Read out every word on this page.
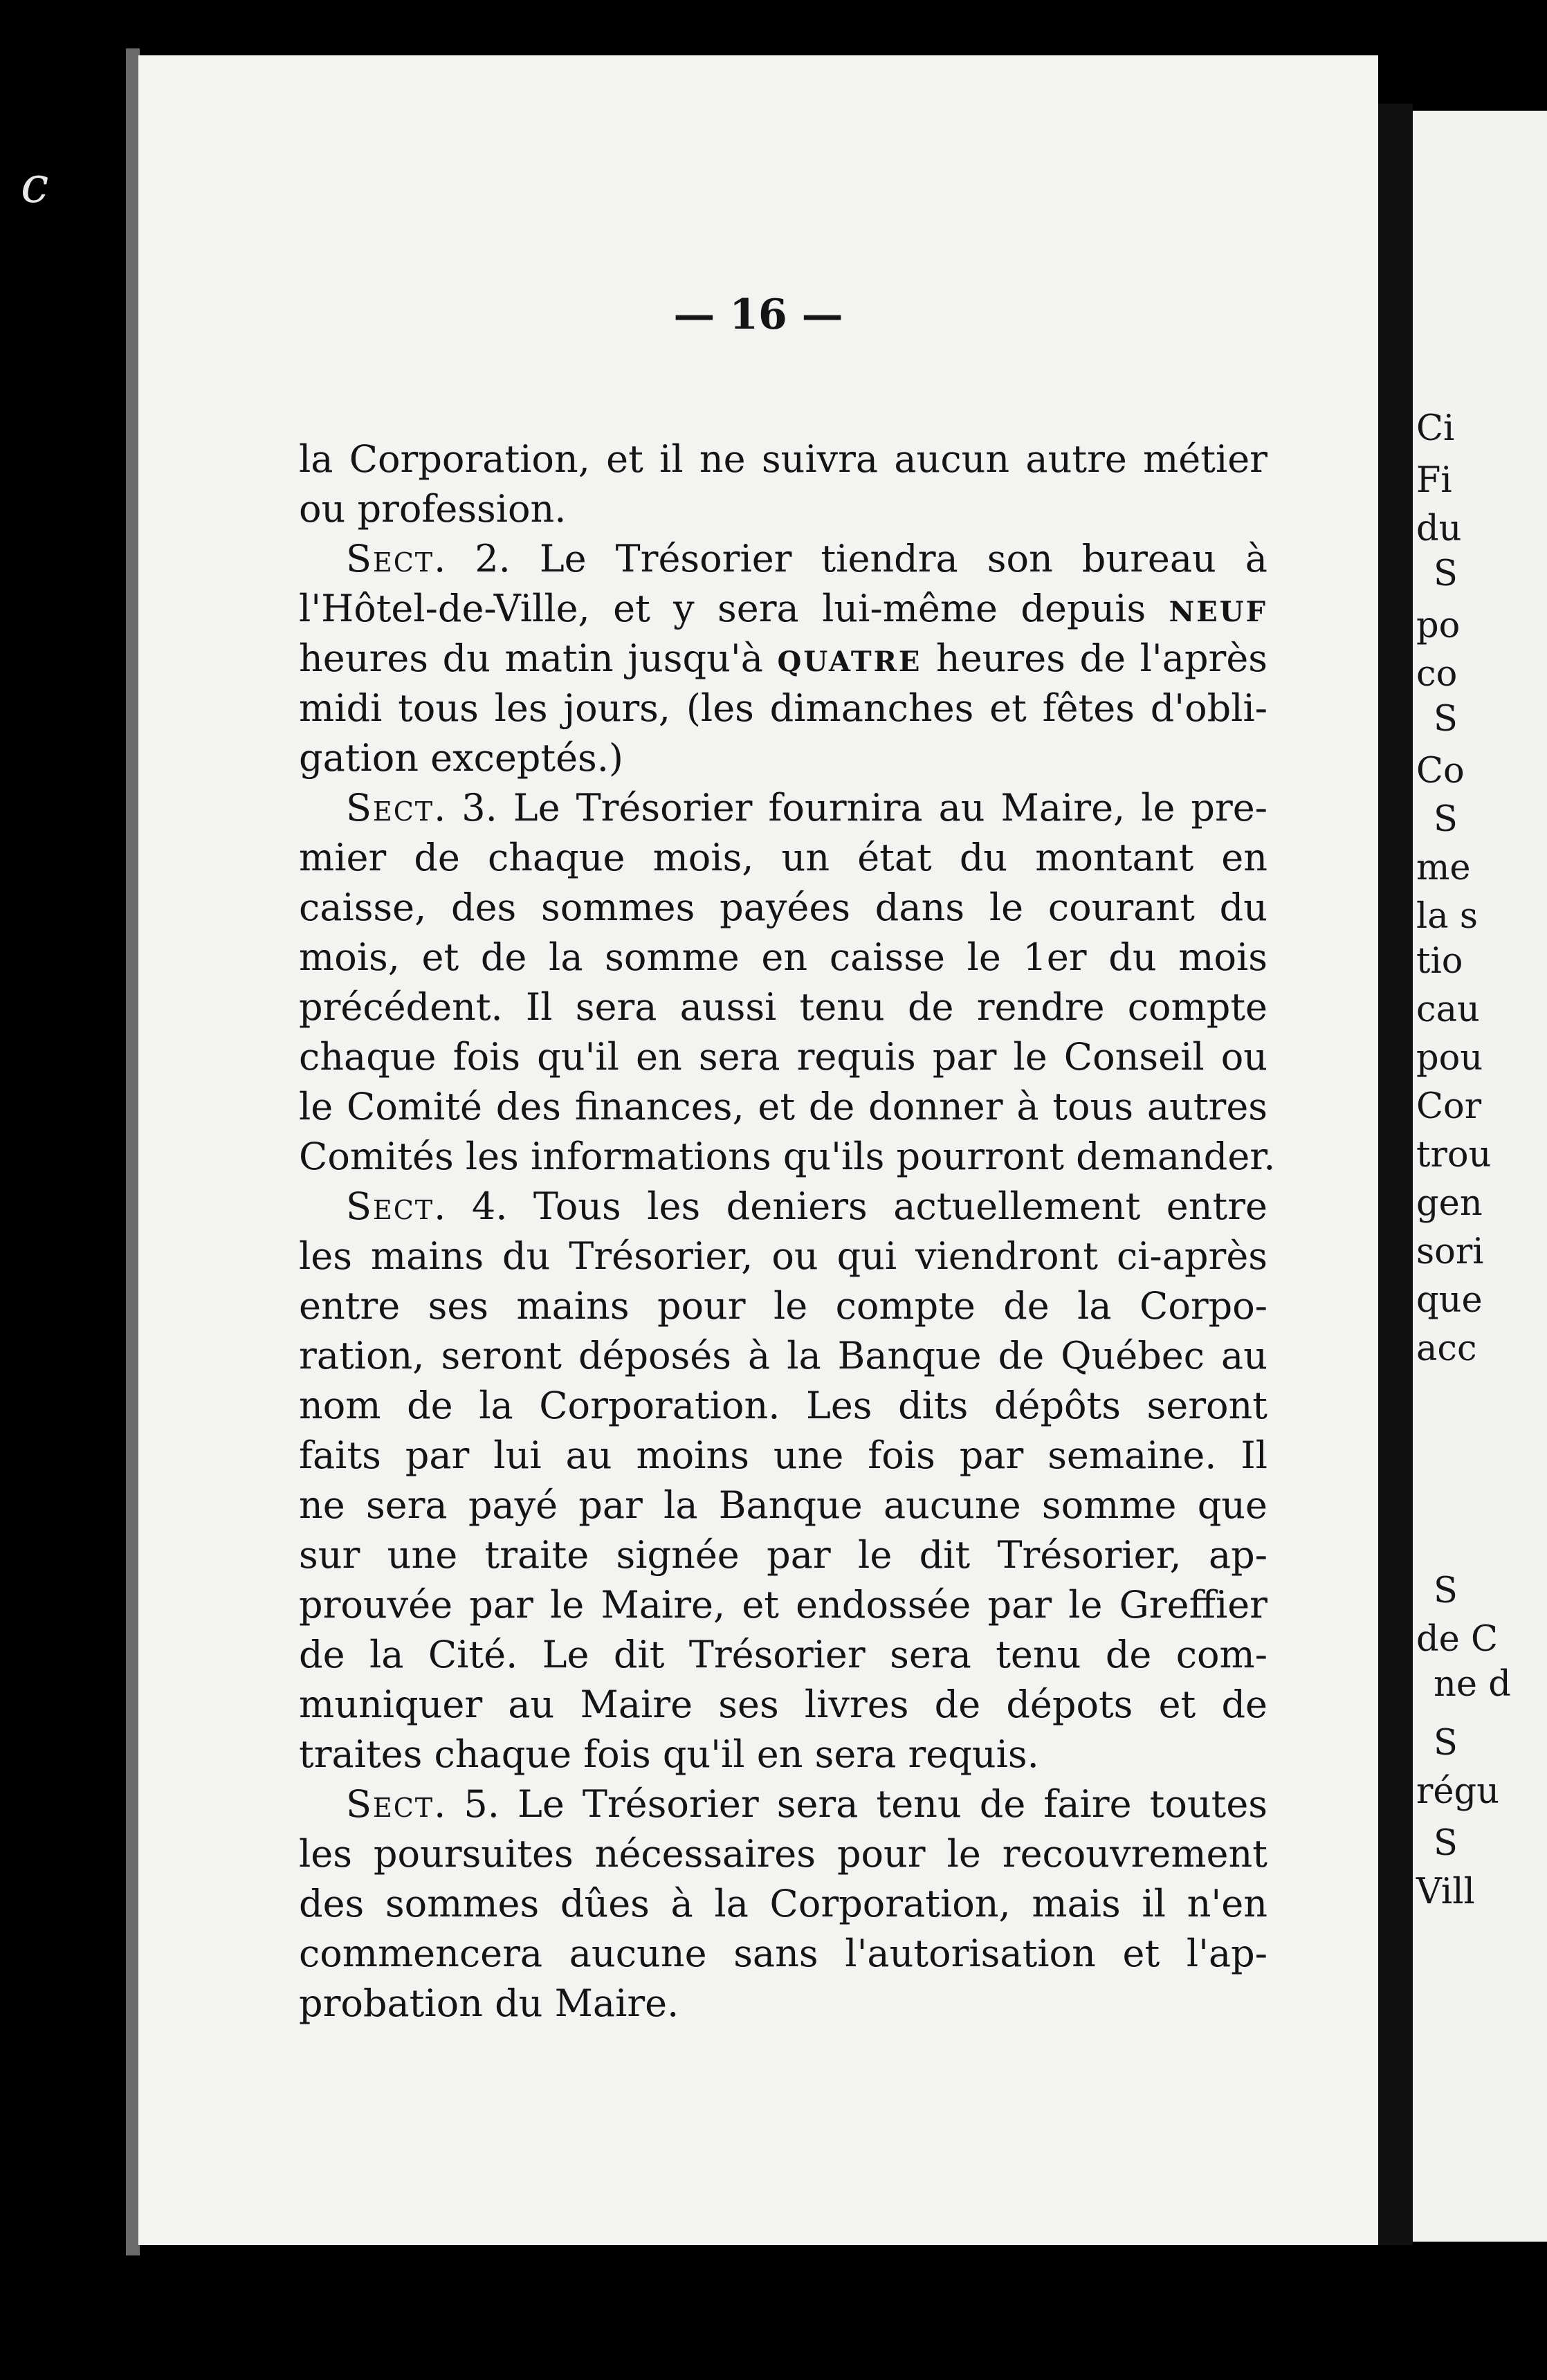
c
— 16 —
la Corporation, et il ne suivra aucun autre métier
ou profession.
Sect. 2. Le Trésorier tiendra son bureau à
l'Hôtel-de-Ville, et y sera lui-même depuis NEUF
heures du matin jusqu'à QUATRE heures de l'après
midi tous les jours, (les dimanches et fêtes d'obli-
gation exceptés.)
Sect. 3. Le Trésorier fournira au Maire, le pre-
mier de chaque mois, un état du montant en
caisse, des sommes payées dans le courant du
mois, et de la somme en caisse le 1er du mois
précédent. Il sera aussi tenu de rendre compte
chaque fois qu'il en sera requis par le Conseil ou
le Comité des finances, et de donner à tous autres
Comités les informations qu'ils pourront demander.
Sect. 4. Tous les deniers actuellement entre
les mains du Trésorier, ou qui viendront ci-après
entre ses mains pour le compte de la Corpo-
ration, seront déposés à la Banque de Québec au
nom de la Corporation. Les dits dépôts seront
faits par lui au moins une fois par semaine. Il
ne sera payé par la Banque aucune somme que
sur une traite signée par le dit Trésorier, ap-
prouvée par le Maire, et endossée par le Greffier
de la Cité. Le dit Trésorier sera tenu de com-
muniquer au Maire ses livres de dépots et de
traites chaque fois qu'il en sera requis.
Sect. 5. Le Trésorier sera tenu de faire toutes
les poursuites nécessaires pour le recouvrement
des sommes dûes à la Corporation, mais il n'en
commencera aucune sans l'autorisation et l'ap-
probation du Maire.
Ci
Fi
du
S
po
co
S
Co
S
me
la s
tio
cau
pou
Cor
trou
gen
sori
que
acc
S
de C
ne d
S
régu
S
Vill
